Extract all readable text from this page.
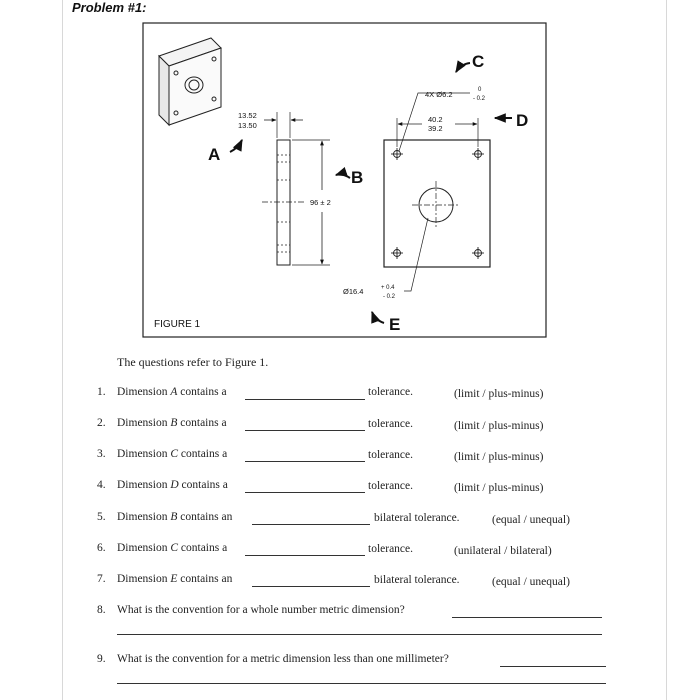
Problem #1:
FIGURE 1
13.52
13.50
96 ± 2
4X Ø6.2	0
- 0.2
40.2
39.2
Ø16.4	+ 0.4
- 0.2
A
B
C
D
E
The questions refer to Figure 1.
1. Dimension A contains a	tolerance.	(limit / plus-minus)
2. Dimension B contains a	tolerance.	(limit / plus-minus)
3. Dimension C contains a	tolerance.	(limit / plus-minus)
4. Dimension D contains a	tolerance.	(limit / plus-minus)
5. Dimension B contains an	bilateral tolerance.	(equal / unequal)
6. Dimension C contains a	tolerance.	(unilateral / bilateral)
7. Dimension E contains an	bilateral tolerance.	(equal / unequal)
8. What is the convention for a whole number metric dimension?
9. What is the convention for a metric dimension less than one millimeter?
